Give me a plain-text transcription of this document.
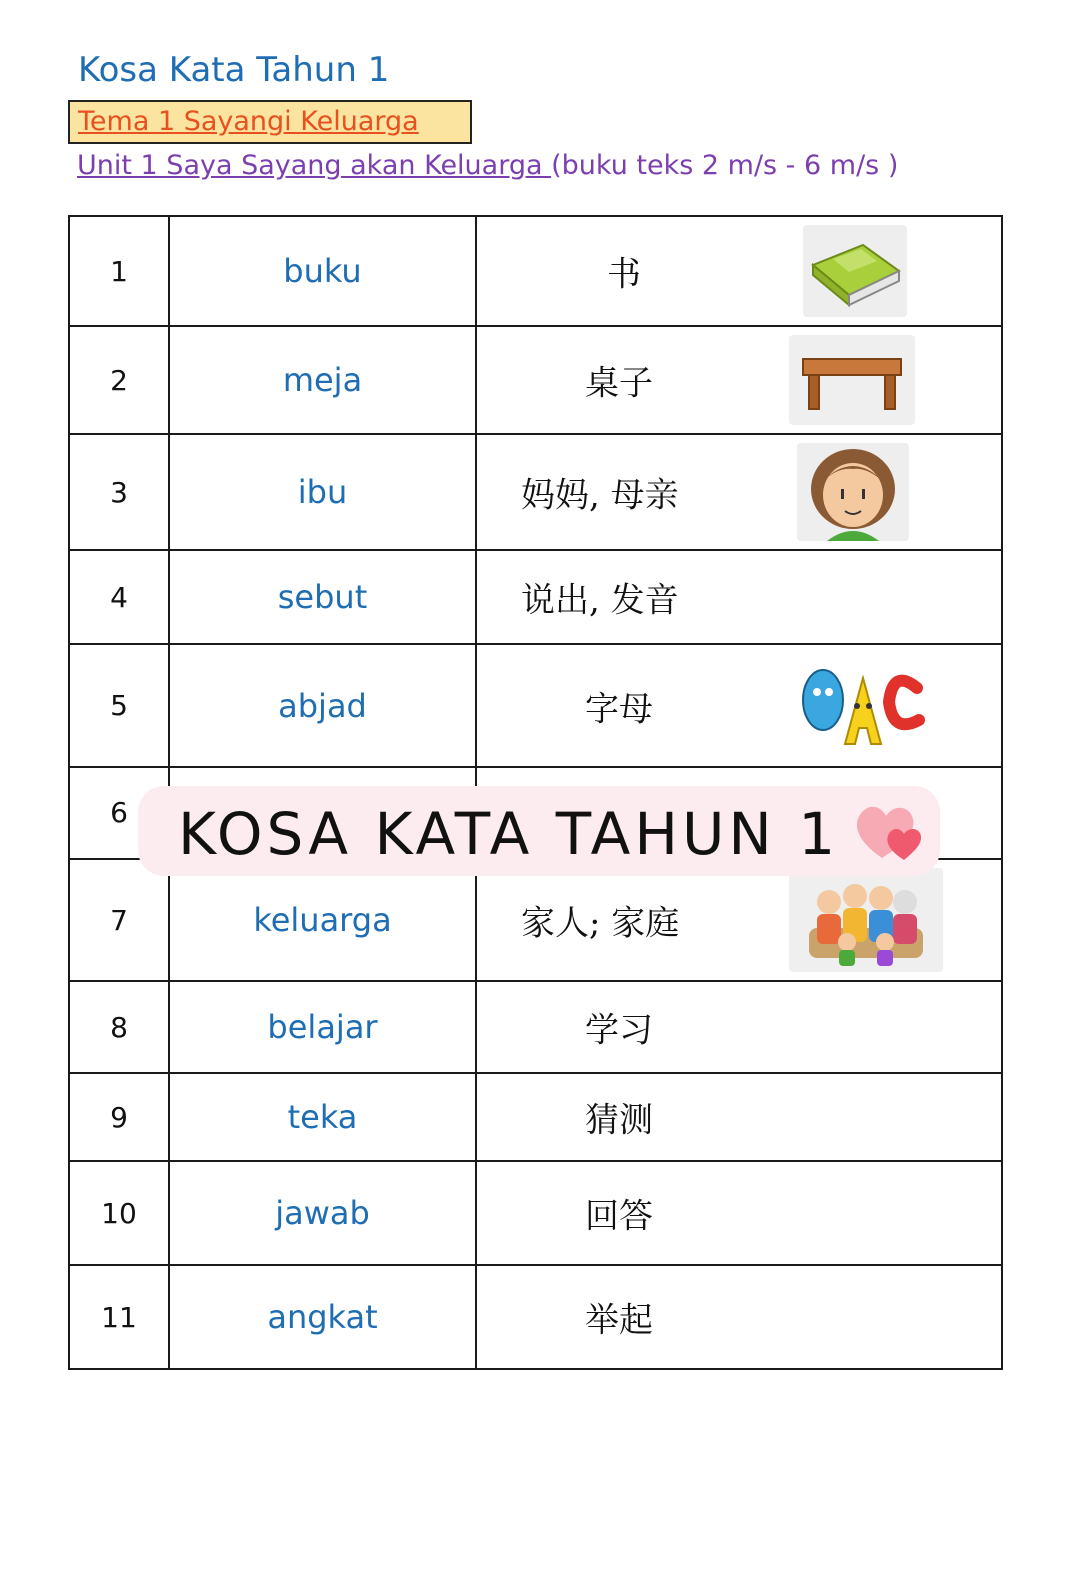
Kosa Kata Tahun 1
Tema 1 Sayangi Keluarga
Unit 1 Saya Sayang akan Keluarga (buku teks 2 m/s - 6 m/s )
1	buku	书

2	meja	桌子

3	ibu	妈妈, 母亲

4	sebut	说出, 发音

5	abjad	字母

6		

7	keluarga	家人; 家庭

8	belajar	学习

9	teka	猜测

10	jawab	回答

11	angkat	举起
KOSA KATA TAHUN 1
